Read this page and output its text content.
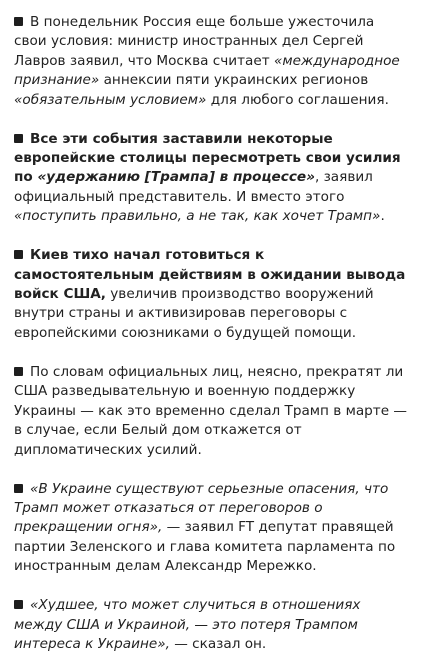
В понедельник Россия еще больше ужесточила свои условия: министр иностранных дел Сергей Лавров заявил, что Москва считает «международное признание» аннексии пяти украинских регионов «обязательным условием» для любого соглашения.

Все эти события заставили некоторые европейские столицы пересмотреть свои усилия по «удержанию [Трампа] в процессе», заявил официальный представитель. И вместо этого «поступить правильно, а не так, как хочет Трамп».

Киев тихо начал готовиться к самостоятельным действиям в ожидании вывода войск США, увеличив производство вооружений внутри страны и активизировав переговоры с европейскими союзниками о будущей помощи.

По словам официальных лиц, неясно, прекратят ли США разведывательную и военную поддержку Украины — как это временно сделал Трамп в марте — в случае, если Белый дом откажется от дипломатических усилий.

«В Украине существуют серьезные опасения, что Трамп может отказаться от переговоров о прекращении огня», — заявил FT депутат правящей партии Зеленского и глава комитета парламента по иностранным делам Александр Мережко.

«Худшее, что может случиться в отношениях между США и Украиной, — это потеря Трампом интереса к Украине», — сказал он.
